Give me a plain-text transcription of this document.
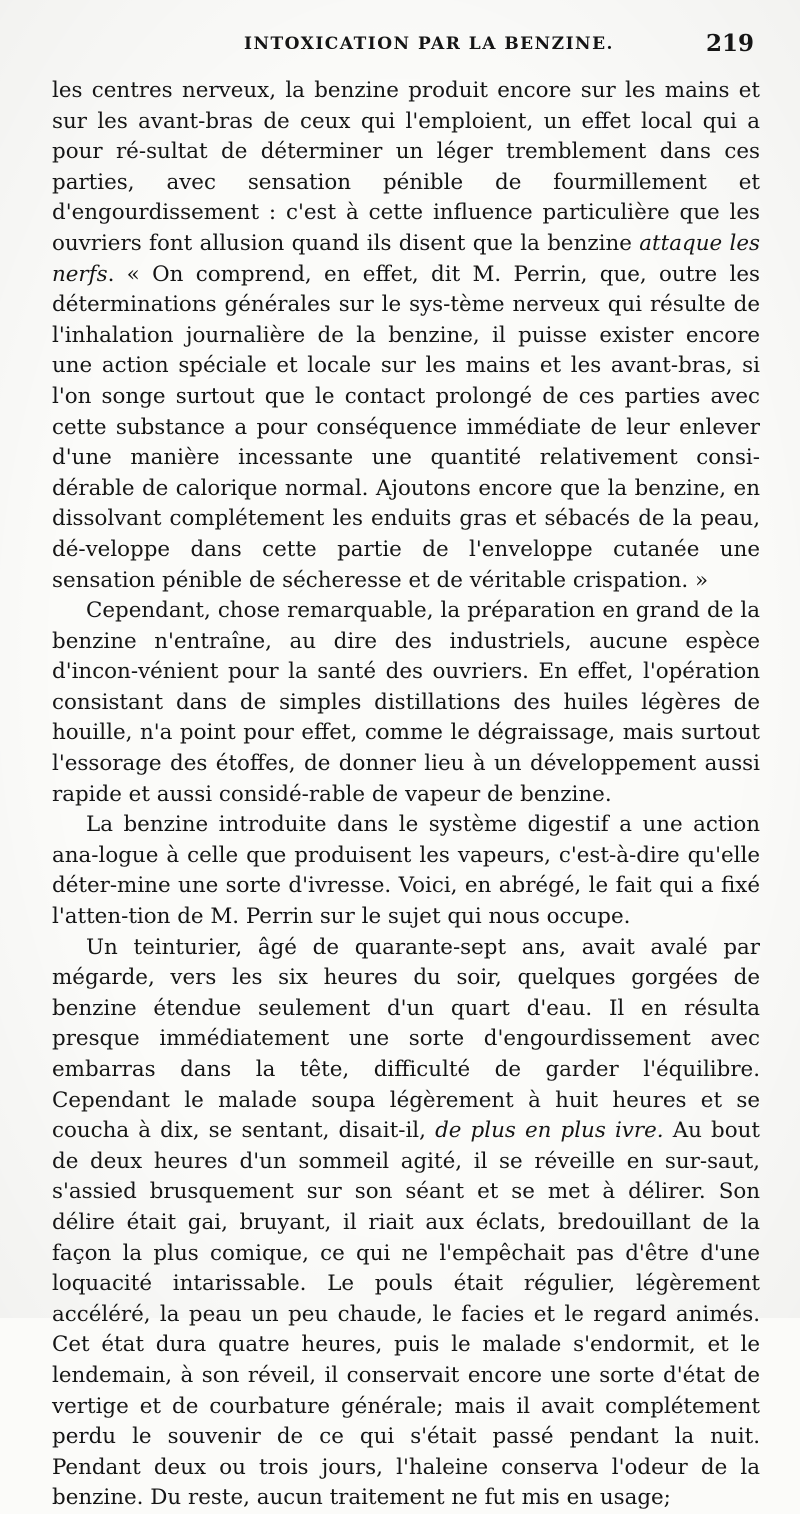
INTOXICATION PAR LA BENZINE.	219

les centres nerveux, la benzine produit encore sur les mains et sur les avant-bras de ceux qui l'emploient, un effet local qui a pour ré-sultat de déterminer un léger tremblement dans ces parties, avec sensation pénible de fourmillement et d'engourdissement : c'est à cette influence particulière que les ouvriers font allusion quand ils disent que la benzine attaque les nerfs. « On comprend, en effet, dit M. Perrin, que, outre les déterminations générales sur le sys-tème nerveux qui résulte de l'inhalation journalière de la benzine, il puisse exister encore une action spéciale et locale sur les mains et les avant-bras, si l'on songe surtout que le contact prolongé de ces parties avec cette substance a pour conséquence immédiate de leur enlever d'une manière incessante une quantité relativement consi-dérable de calorique normal. Ajoutons encore que la benzine, en dissolvant complétement les enduits gras et sébacés de la peau, dé-veloppe dans cette partie de l'enveloppe cutanée une sensation pénible de sécheresse et de véritable crispation. »

Cependant, chose remarquable, la préparation en grand de la benzine n'entraîne, au dire des industriels, aucune espèce d'incon-vénient pour la santé des ouvriers. En effet, l'opération consistant dans de simples distillations des huiles légères de houille, n'a point pour effet, comme le dégraissage, mais surtout l'essorage des étoffes, de donner lieu à un développement aussi rapide et aussi considé-rable de vapeur de benzine.

La benzine introduite dans le système digestif a une action ana-logue à celle que produisent les vapeurs, c'est-à-dire qu'elle déter-mine une sorte d'ivresse. Voici, en abrégé, le fait qui a fixé l'atten-tion de M. Perrin sur le sujet qui nous occupe.

Un teinturier, âgé de quarante-sept ans, avait avalé par mégarde, vers les six heures du soir, quelques gorgées de benzine étendue seulement d'un quart d'eau. Il en résulta presque immédiatement une sorte d'engourdissement avec embarras dans la tête, difficulté de garder l'équilibre. Cependant le malade soupa légèrement à huit heures et se coucha à dix, se sentant, disait-il, de plus en plus ivre. Au bout de deux heures d'un sommeil agité, il se réveille en sur-saut, s'assied brusquement sur son séant et se met à délirer. Son délire était gai, bruyant, il riait aux éclats, bredouillant de la façon la plus comique, ce qui ne l'empêchait pas d'être d'une loquacité intarissable. Le pouls était régulier, légèrement accéléré, la peau un peu chaude, le facies et le regard animés. Cet état dura quatre heures, puis le malade s'endormit, et le lendemain, à son réveil, il conservait encore une sorte d'état de vertige et de courbature générale; mais il avait complétement perdu le souvenir de ce qui s'était passé pendant la nuit. Pendant deux ou trois jours, l'haleine conserva l'odeur de la benzine. Du reste, aucun traitement ne fut mis en usage;
